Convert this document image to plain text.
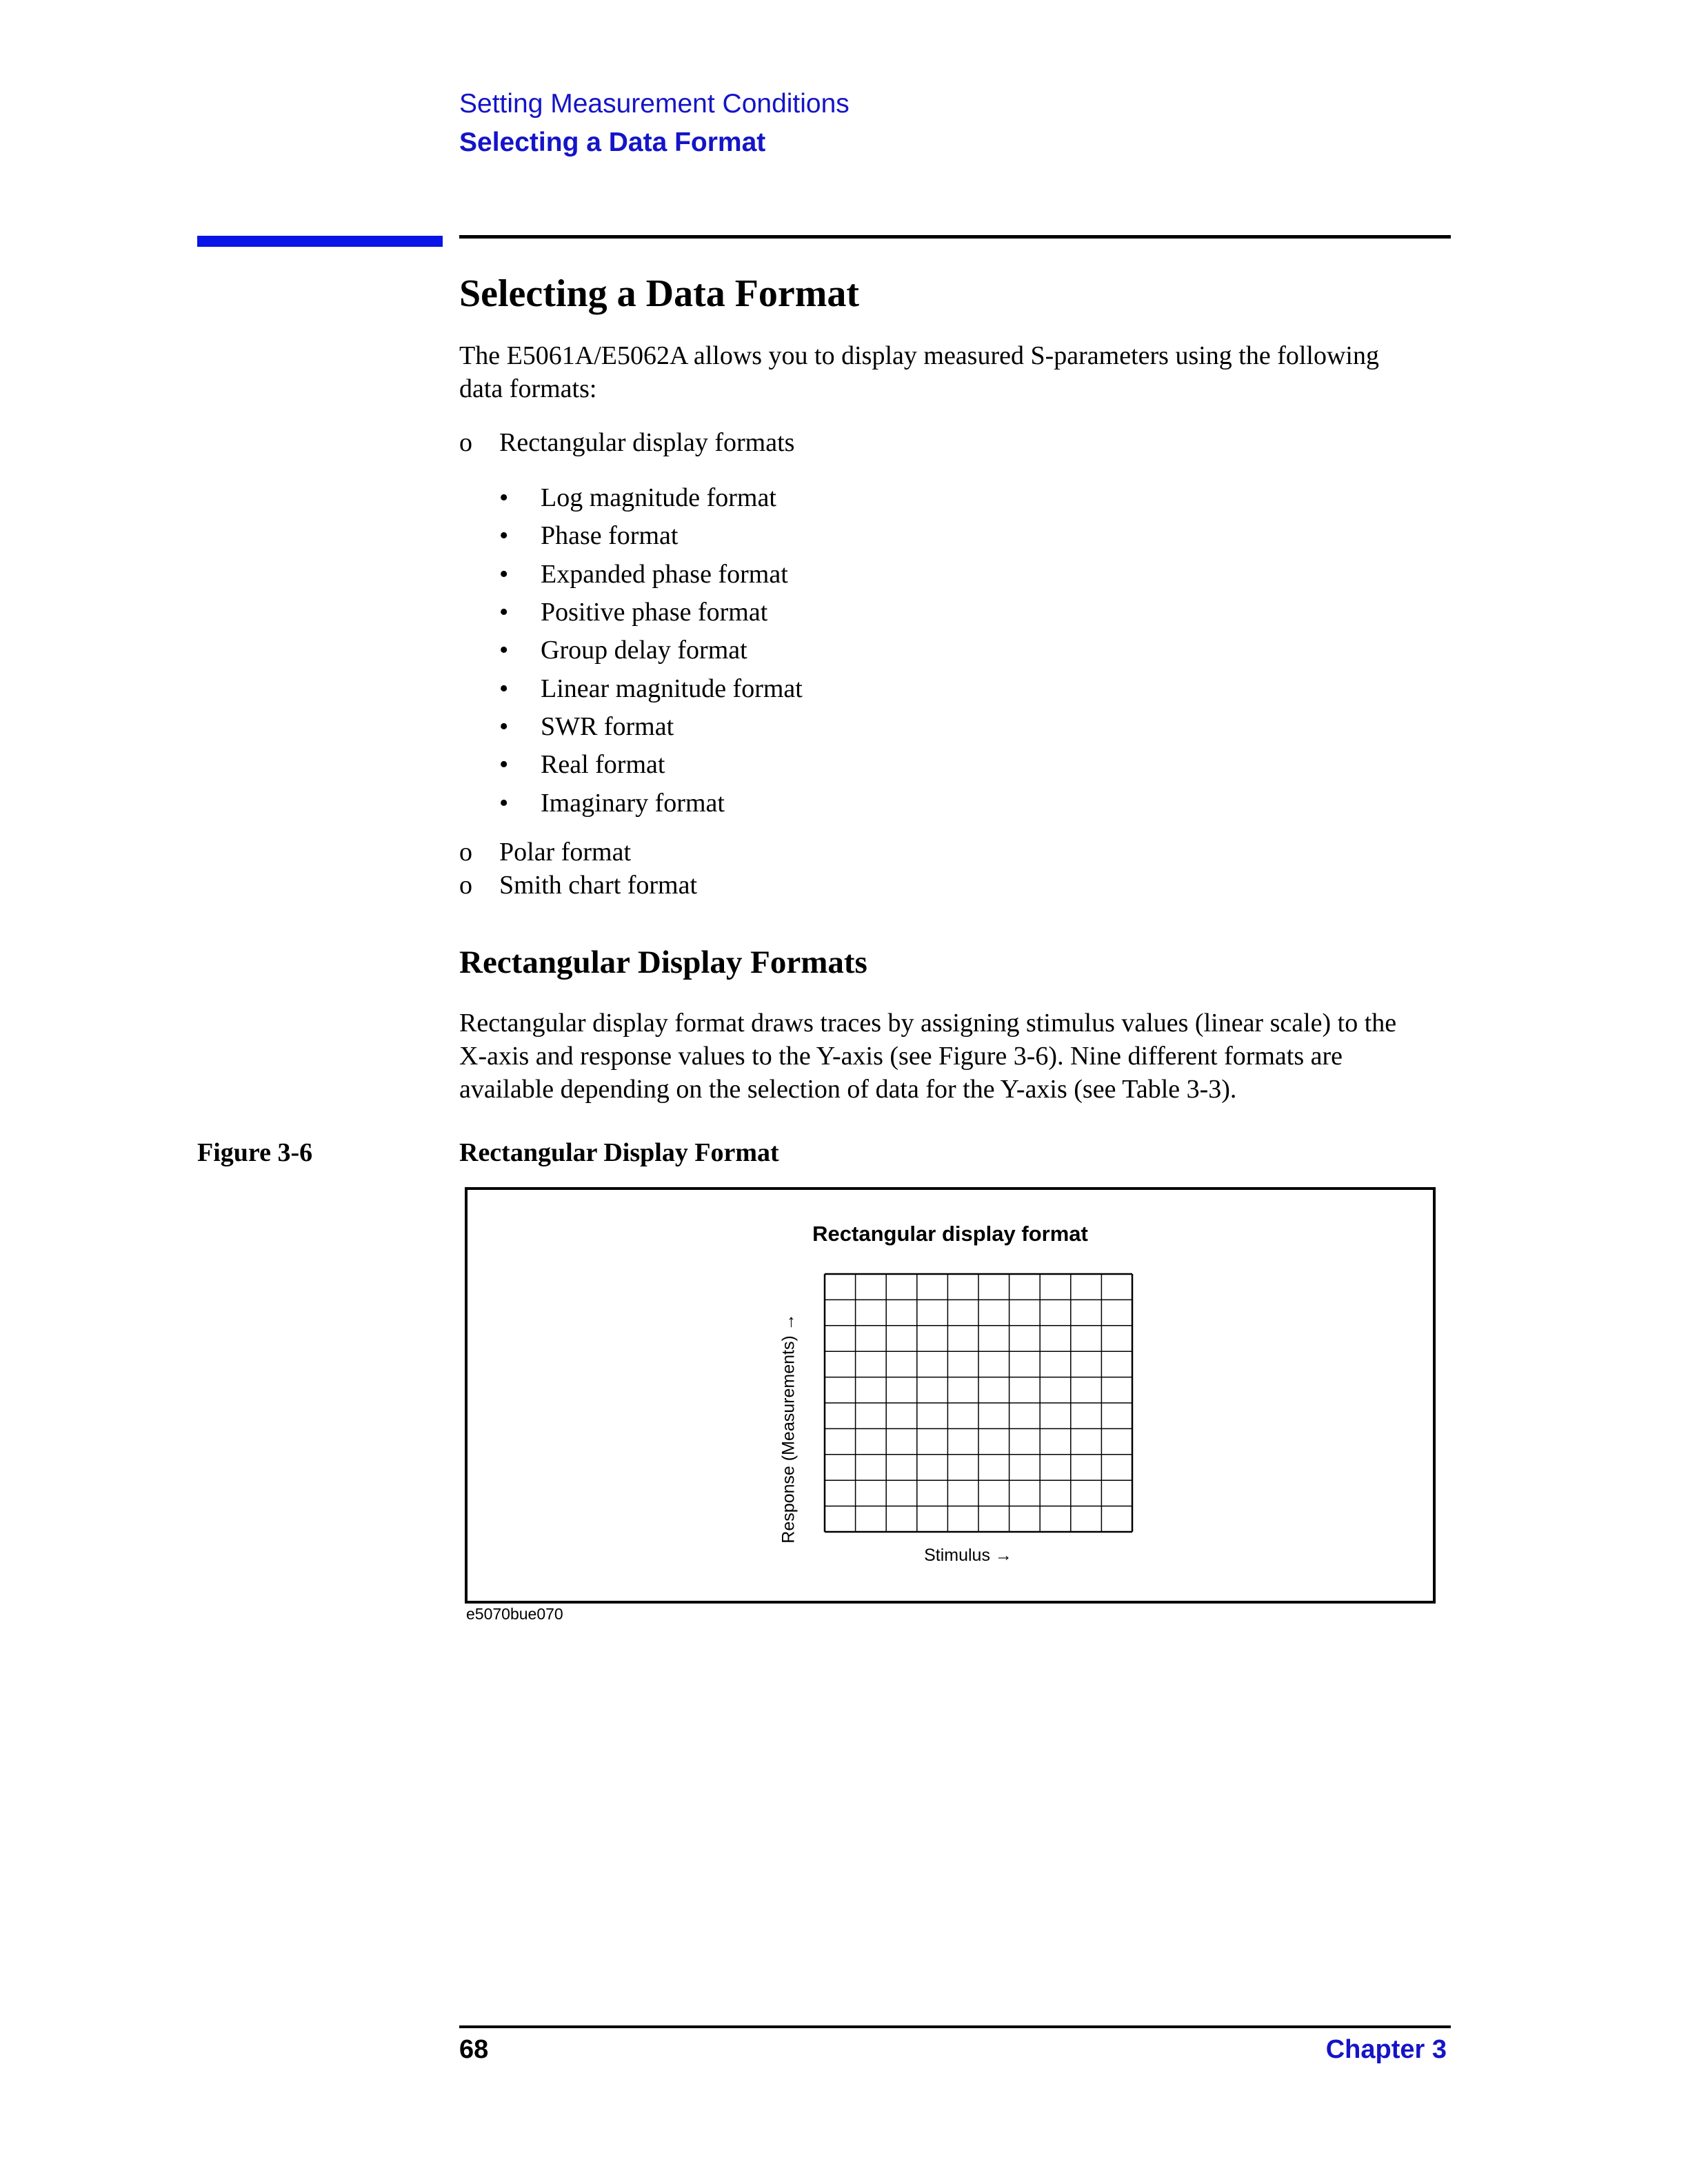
Setting Measurement Conditions
Selecting a Data Format
Selecting a Data Format
The E5061A/E5062A allows you to display measured S-parameters using the following
data formats:
o Rectangular display formats
• Log magnitude format
• Phase format
• Expanded phase format
• Positive phase format
• Group delay format
• Linear magnitude format
• SWR format
• Real format
• Imaginary format
o Polar format
o Smith chart format
Rectangular Display Formats
Rectangular display format draws traces by assigning stimulus values (linear scale) to the
X-axis and response values to the Y-axis (see Figure 3-6). Nine different formats are
available depending on the selection of data for the Y-axis (see Table 3-3).
Figure 3-6	Rectangular Display Format
Rectangular display format
Response (Measurements) →
Stimulus →
e5070bue070
68	Chapter 3
